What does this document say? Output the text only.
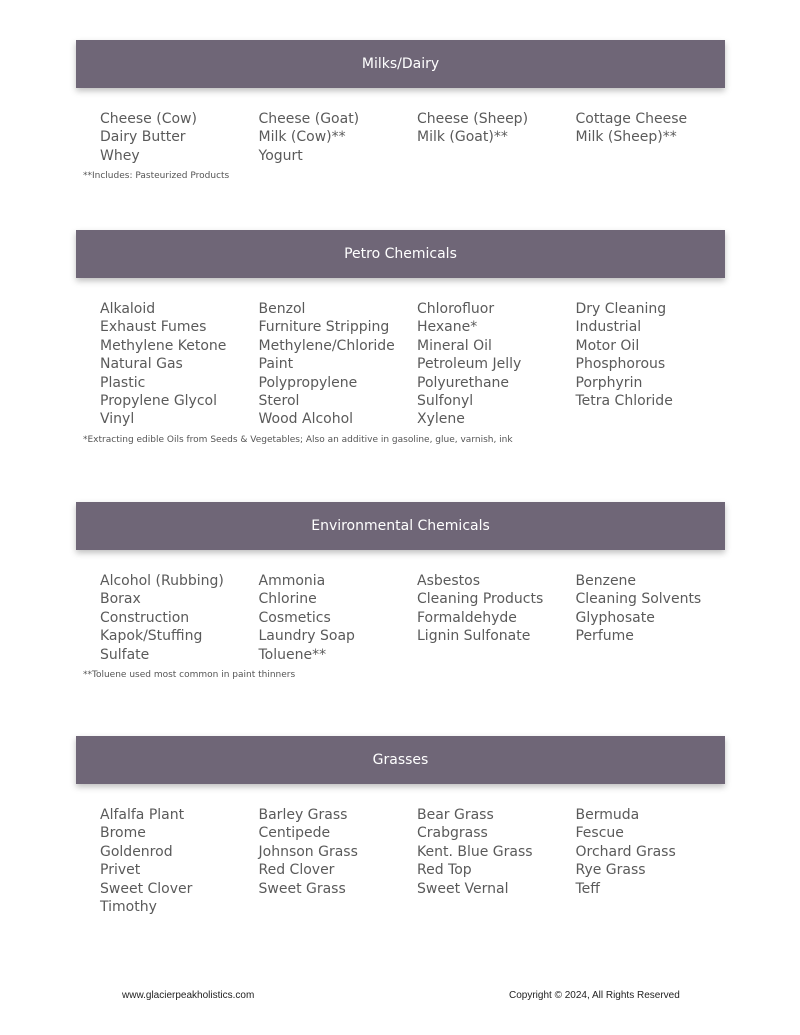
Milks/Dairy
Cheese (Cow)	Cheese (Goat)	Cheese (Sheep)	Cottage Cheese
Dairy Butter	Milk (Cow)**	Milk (Goat)**	Milk (Sheep)**
Whey	Yogurt
**Includes: Pasteurized Products
Petro Chemicals
Alkaloid	Benzol	Chlorofluor	Dry Cleaning
Exhaust Fumes	Furniture Stripping	Hexane*	Industrial
Methylene Ketone	Methylene/Chloride	Mineral Oil	Motor Oil
Natural Gas	Paint	Petroleum Jelly	Phosphorous
Plastic	Polypropylene	Polyurethane	Porphyrin
Propylene Glycol	Sterol	Sulfonyl	Tetra Chloride
Vinyl	Wood Alcohol	Xylene
*Extracting edible Oils from Seeds & Vegetables; Also an additive in gasoline, glue, varnish, ink
Environmental Chemicals
Alcohol (Rubbing)	Ammonia	Asbestos	Benzene
Borax	Chlorine	Cleaning Products	Cleaning Solvents
Construction	Cosmetics	Formaldehyde	Glyphosate
Kapok/Stuffing	Laundry Soap	Lignin Sulfonate	Perfume
Sulfate	Toluene**
**Toluene used most common in paint thinners
Grasses
Alfalfa Plant	Barley Grass	Bear Grass	Bermuda
Brome	Centipede	Crabgrass	Fescue
Goldenrod	Johnson Grass	Kent. Blue Grass	Orchard Grass
Privet	Red Clover	Red Top	Rye Grass
Sweet Clover	Sweet Grass	Sweet Vernal	Teff
Timothy
www.glacierpeakholistics.com	Copyright © 2024, All Rights Reserved
